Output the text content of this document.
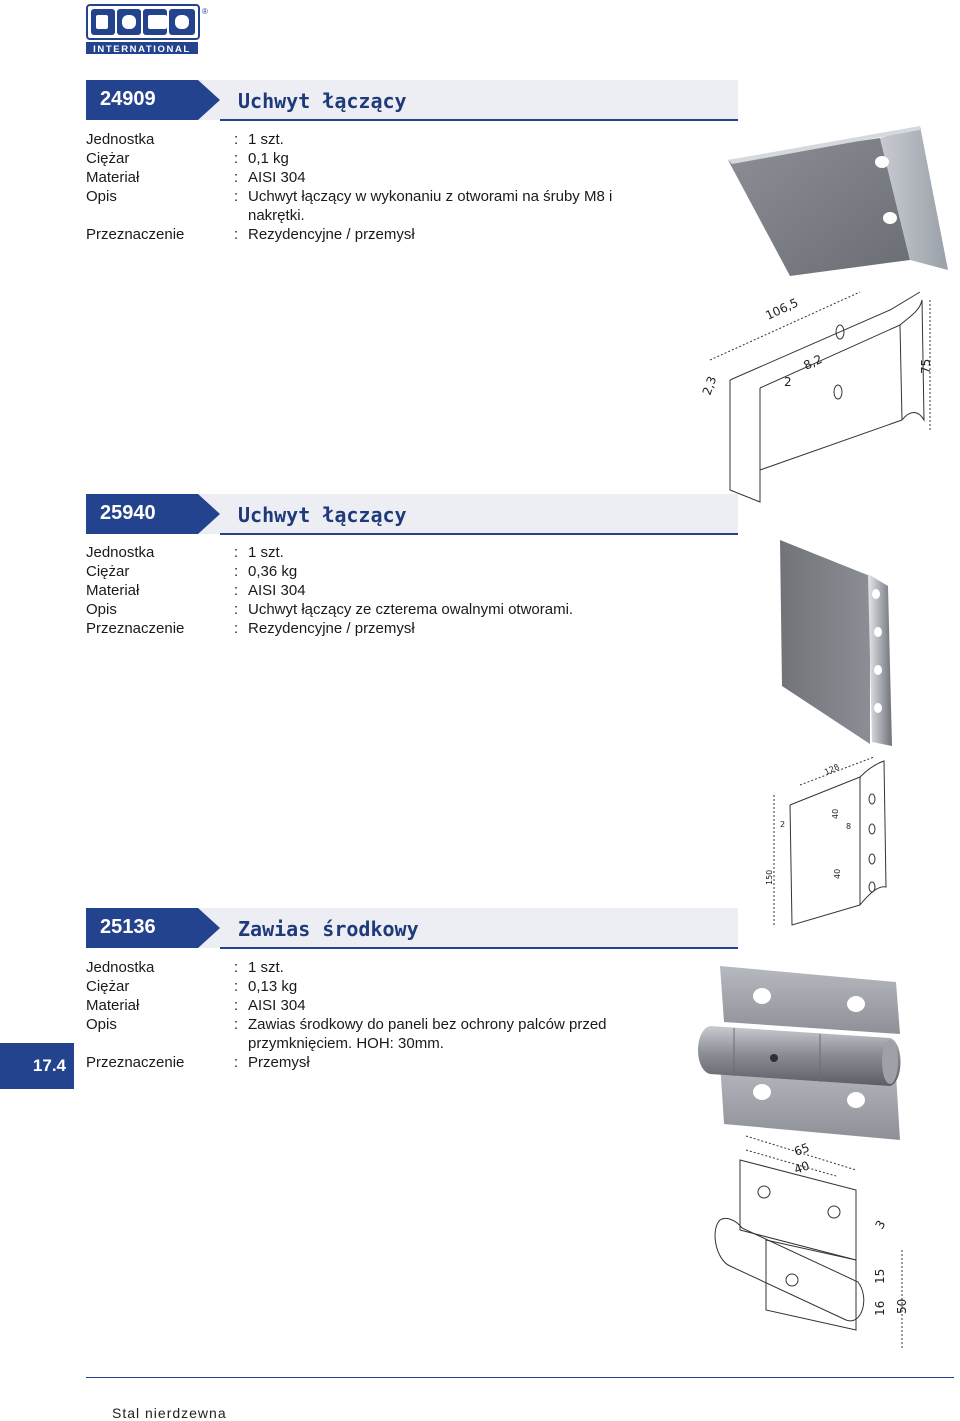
INTERNATIONAL
®
24909	Uchwyt łączący
Jednostka	: 1 szt.
Ciężar	: 0,1 kg
Materiał	: AISI 304
Opis	: Uchwyt łączący w wykonaniu z otworami na śruby M8 i
nakrętki.
Przeznaczenie	: Rezydencyjne / przemysł
106,5
8,2
2
2,3
75
25940	Uchwyt łączący
Jednostka	: 1 szt.
Ciężar	: 0,36 kg
Materiał	: AISI 304
Opis	: Uchwyt łączący ze czterema owalnymi otworami.
Przeznaczenie	: Rezydencyjne / przemysł
128
40
8
2
150	40
25136	Zawias środkowy
Jednostka	: 1 szt.
Ciężar	: 0,13 kg
Materiał	: AISI 304
Opis	: Zawias środkowy do paneli bez ochrony palców przed
przymknięciem. HOH: 30mm.
Przeznaczenie	: Przemysł
65
40
3
15
16 50
17.4
Stal nierdzewna
